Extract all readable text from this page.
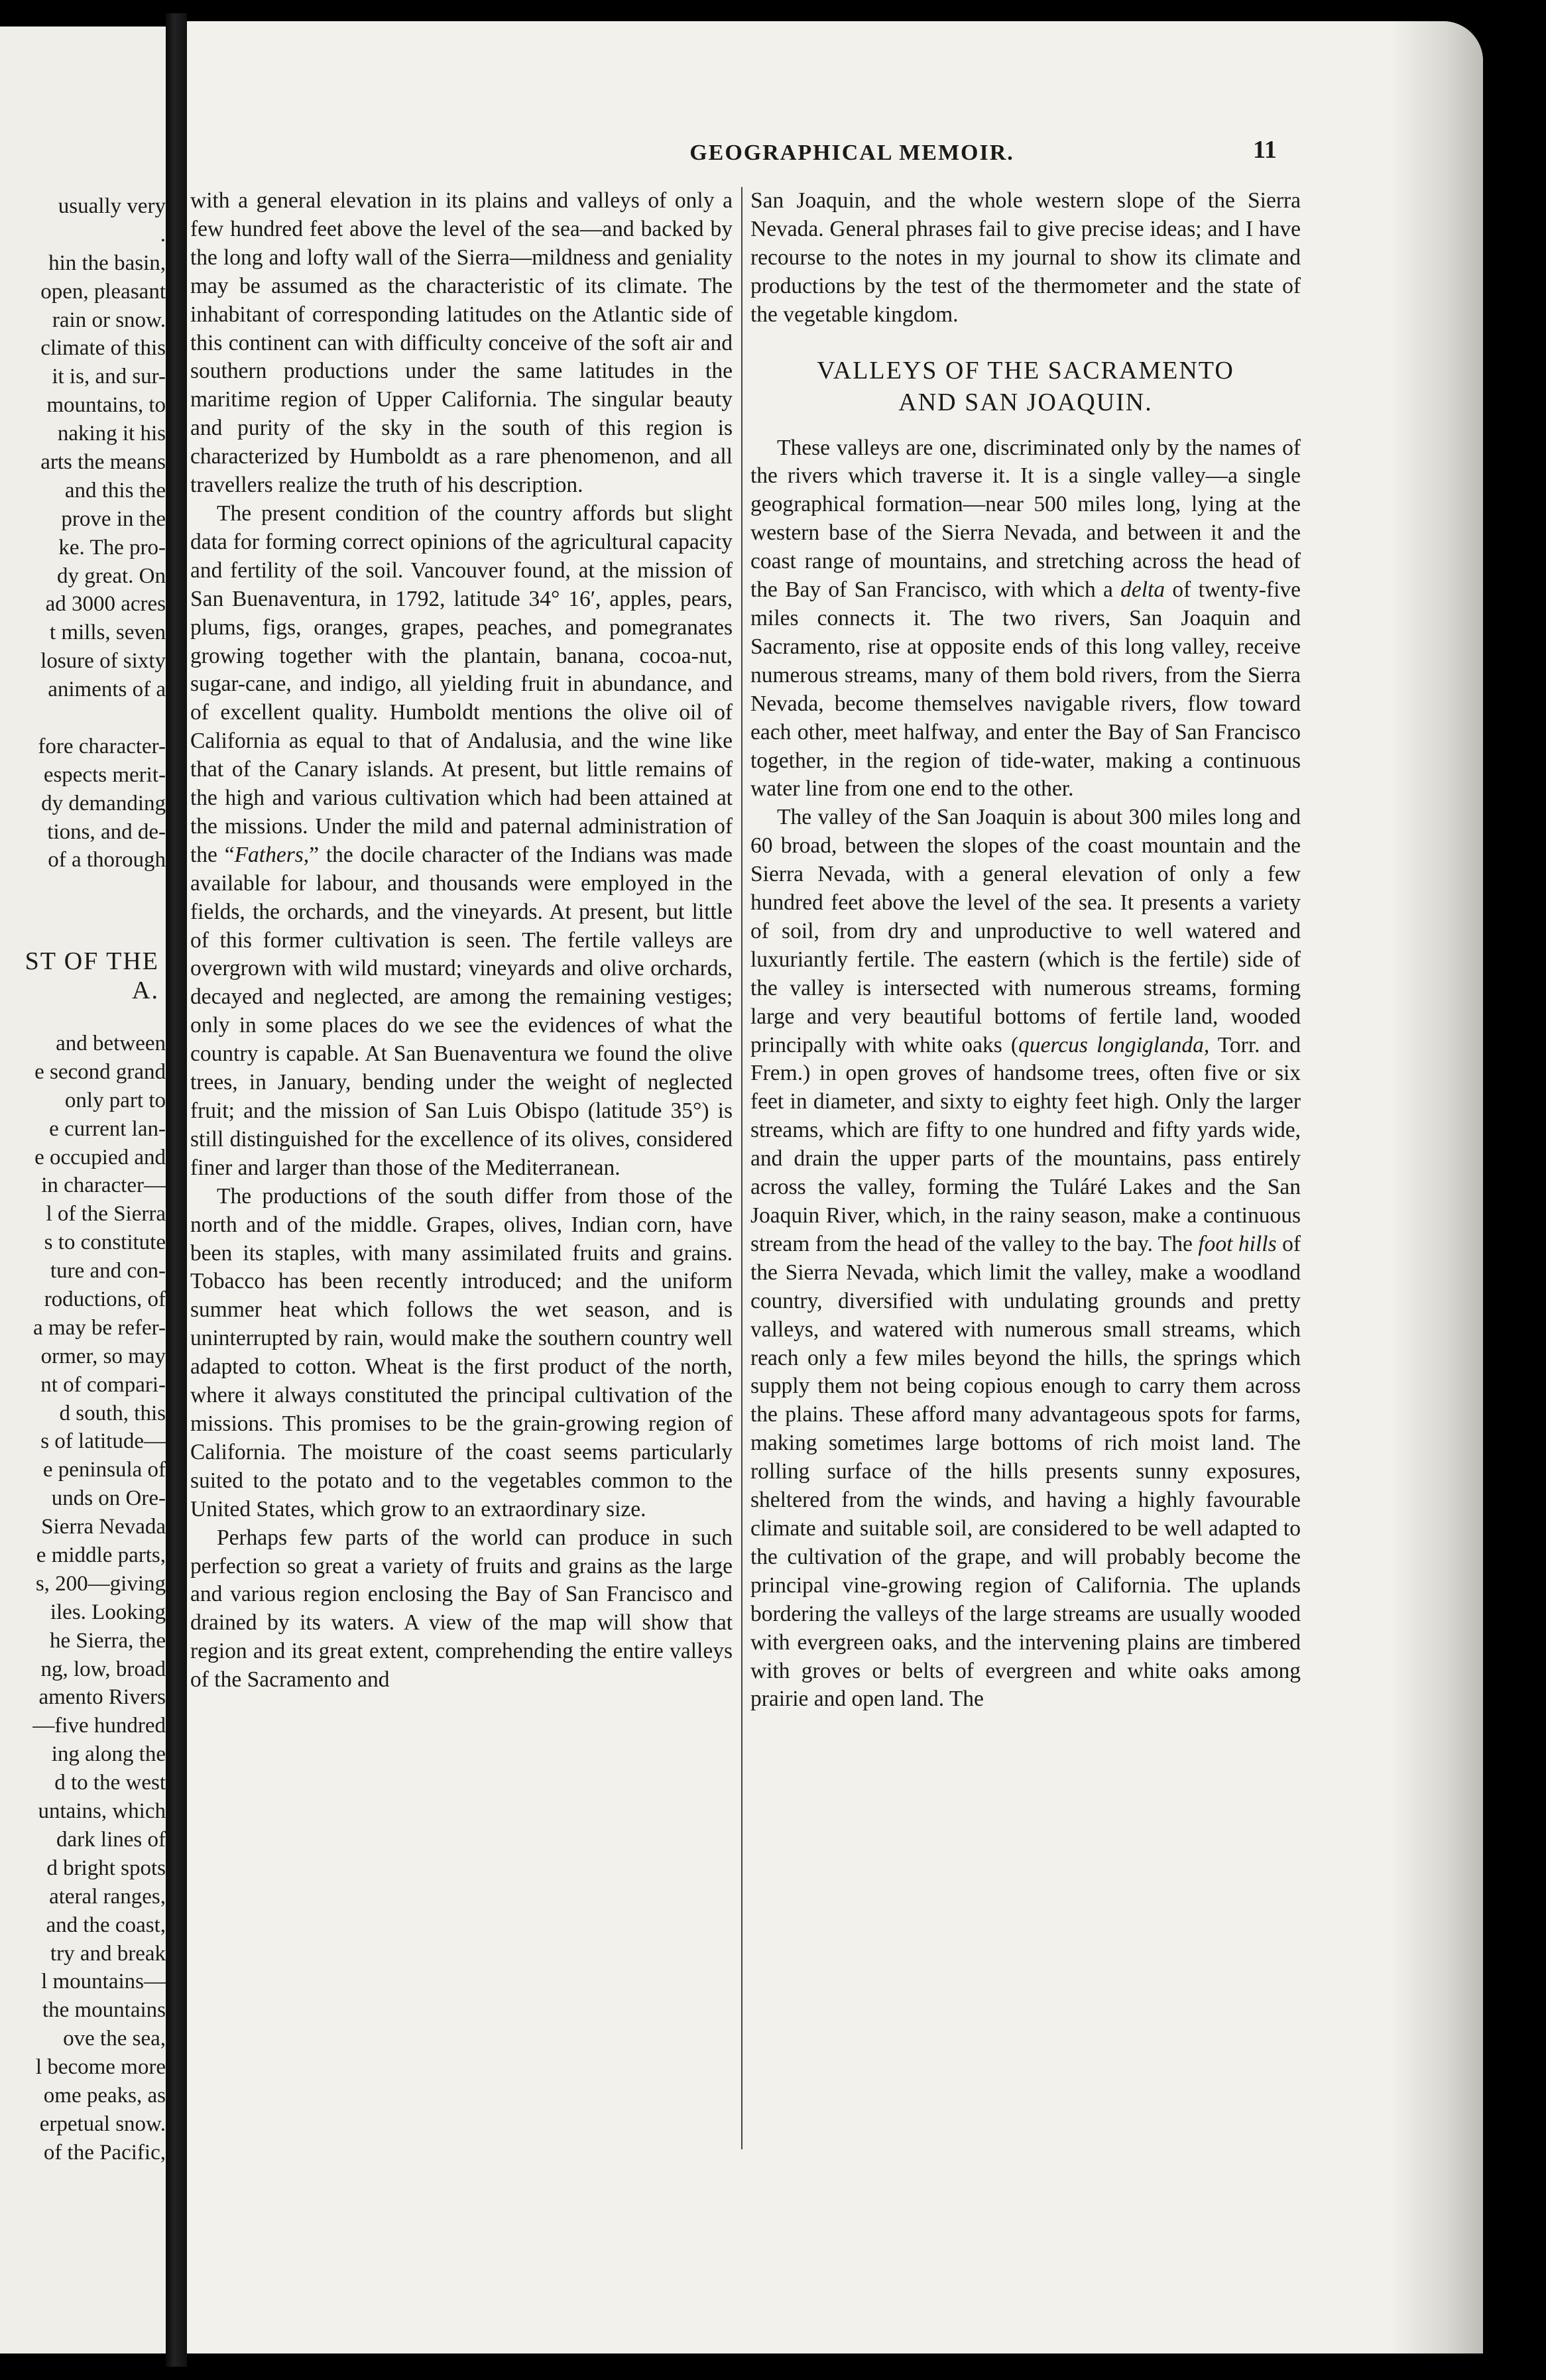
usually very
.
hin the basin,
open, pleasant
rain or snow.
climate of this
it is, and sur-
mountains, to
naking it his
arts the means
and this the
prove in the
ke. The pro-
dy great. On
ad 3000 acres
t mills, seven
losure of sixty
animents of a
fore character-
espects merit-
dy demanding
tions, and de-
of a thorough
ST OF THE
A.
and between
e second grand
only part to
e current lan-
e occupied and
in character—
l of the Sierra
s to constitute
ture and con-
roductions, of
a may be refer-
ormer, so may
nt of compari-
d south, this
s of latitude—
e peninsula of
unds on Ore-
Sierra Nevada
e middle parts,
s, 200—giving
iles. Looking
he Sierra, the
ng, low, broad
amento Rivers
—five hundred
ing along the
d to the west
untains, which
dark lines of
d bright spots
ateral ranges,
and the coast,
try and break
l mountains—
the mountains
ove the sea,
l become more
ome peaks, as
erpetual snow.
of the Pacific,
GEOGRAPHICAL MEMOIR.	11

with a general elevation in its plains and valleys of only a few hundred feet above the level of the sea—and backed by the long and lofty wall of the Sierra—mildness and geniality may be assumed as the characteristic of its climate. The inhabitant of corresponding latitudes on the Atlantic side of this continent can with difficulty conceive of the soft air and southern productions under the same latitudes in the maritime region of Upper California. The singular beauty and purity of the sky in the south of this region is characterized by Humboldt as a rare phenomenon, and all travellers realize the truth of his description.

The present condition of the country affords but slight data for forming correct opinions of the agricultural capacity and fertility of the soil. Vancouver found, at the mission of San Buenaventura, in 1792, latitude 34° 16′, apples, pears, plums, figs, oranges, grapes, peaches, and pomegranates growing together with the plantain, banana, cocoa-nut, sugar-cane, and indigo, all yielding fruit in abundance, and of excellent quality. Humboldt mentions the olive oil of California as equal to that of Andalusia, and the wine like that of the Canary islands. At present, but little remains of the high and various cultivation which had been attained at the missions. Under the mild and paternal administration of the “Fathers,” the docile character of the Indians was made available for labour, and thousands were employed in the fields, the orchards, and the vineyards. At present, but little of this former cultivation is seen. The fertile valleys are overgrown with wild mustard; vineyards and olive orchards, decayed and neglected, are among the remaining vestiges; only in some places do we see the evidences of what the country is capable. At San Buenaventura we found the olive trees, in January, bending under the weight of neglected fruit; and the mission of San Luis Obispo (latitude 35°) is still distinguished for the excellence of its olives, considered finer and larger than those of the Mediterranean.

The productions of the south differ from those of the north and of the middle. Grapes, olives, Indian corn, have been its staples, with many assimilated fruits and grains. Tobacco has been recently introduced; and the uniform summer heat which follows the wet season, and is uninterrupted by rain, would make the southern country well adapted to cotton. Wheat is the first product of the north, where it always constituted the principal cultivation of the missions. This promises to be the grain-growing region of California. The moisture of the coast seems particularly suited to the potato and to the vegetables common to the United States, which grow to an extraordinary size.

Perhaps few parts of the world can produce in such perfection so great a variety of fruits and grains as the large and various region enclosing the Bay of San Francisco and drained by its waters. A view of the map will show that region and its great extent, comprehending the entire valleys of the Sacramento and

San Joaquin, and the whole western slope of the Sierra Nevada. General phrases fail to give precise ideas; and I have recourse to the notes in my journal to show its climate and productions by the test of the thermometer and the state of the vegetable kingdom.

VALLEYS OF THE SACRAMENTO
AND SAN JOAQUIN.

These valleys are one, discriminated only by the names of the rivers which traverse it. It is a single valley—a single geographical formation—near 500 miles long, lying at the western base of the Sierra Nevada, and between it and the coast range of mountains, and stretching across the head of the Bay of San Francisco, with which a delta of twenty-five miles connects it. The two rivers, San Joaquin and Sacramento, rise at opposite ends of this long valley, receive numerous streams, many of them bold rivers, from the Sierra Nevada, become themselves navigable rivers, flow toward each other, meet halfway, and enter the Bay of San Francisco together, in the region of tide-water, making a continuous water line from one end to the other.

The valley of the San Joaquin is about 300 miles long and 60 broad, between the slopes of the coast mountain and the Sierra Nevada, with a general elevation of only a few hundred feet above the level of the sea. It presents a variety of soil, from dry and unproductive to well watered and luxuriantly fertile. The eastern (which is the fertile) side of the valley is intersected with numerous streams, forming large and very beautiful bottoms of fertile land, wooded principally with white oaks (quercus longiglanda, Torr. and Frem.) in open groves of handsome trees, often five or six feet in diameter, and sixty to eighty feet high. Only the larger streams, which are fifty to one hundred and fifty yards wide, and drain the upper parts of the mountains, pass entirely across the valley, forming the Tuláré Lakes and the San Joaquin River, which, in the rainy season, make a continuous stream from the head of the valley to the bay. The foot hills of the Sierra Nevada, which limit the valley, make a woodland country, diversified with undulating grounds and pretty valleys, and watered with numerous small streams, which reach only a few miles beyond the hills, the springs which supply them not being copious enough to carry them across the plains. These afford many advantageous spots for farms, making sometimes large bottoms of rich moist land. The rolling surface of the hills presents sunny exposures, sheltered from the winds, and having a highly favourable climate and suitable soil, are considered to be well adapted to the cultivation of the grape, and will probably become the principal vine-growing region of California. The uplands bordering the valleys of the large streams are usually wooded with evergreen oaks, and the intervening plains are timbered with groves or belts of evergreen and white oaks among prairie and open land. The
